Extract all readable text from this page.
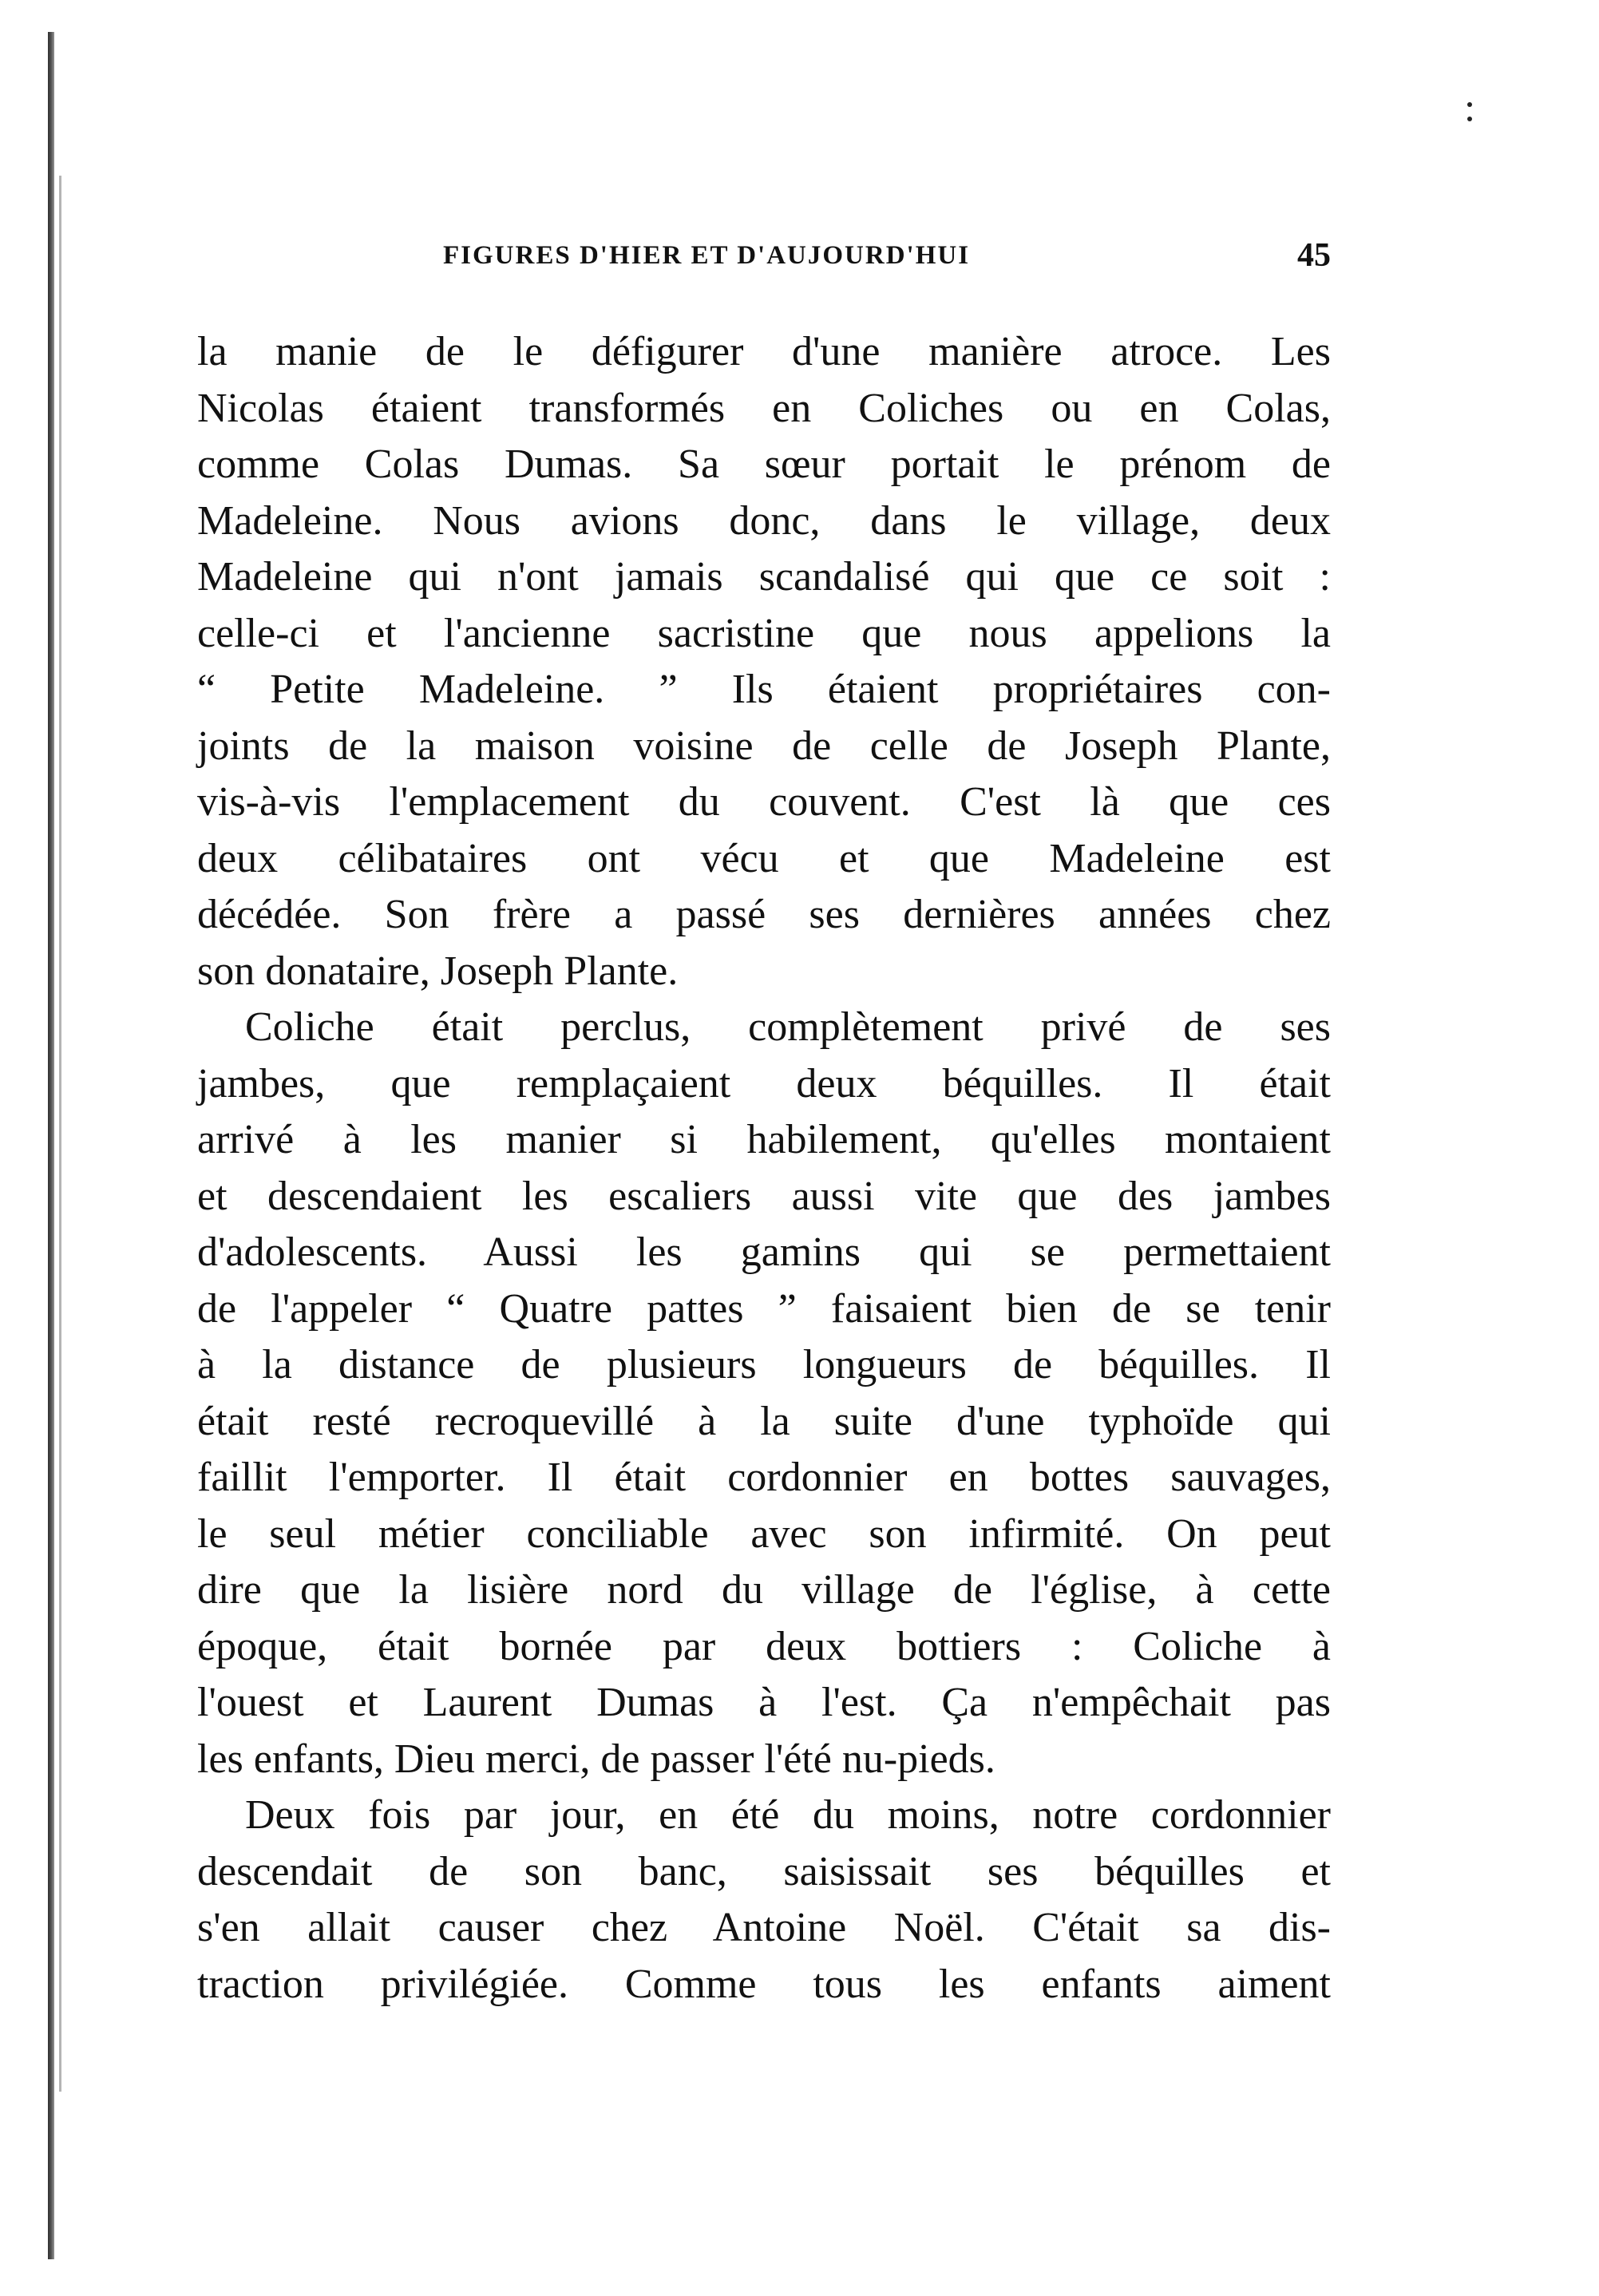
FIGURES D'HIER ET D'AUJOURD'HUI	45
la manie de le défigurer d'une manière atroce. Les
Nicolas étaient transformés en Coliches ou en Colas,
comme Colas Dumas. Sa sœur portait le prénom de
Madeleine. Nous avions donc, dans le village, deux
Madeleine qui n'ont jamais scandalisé qui que ce soit :
celle-ci et l'ancienne sacristine que nous appelions la
“ Petite Madeleine. ” Ils étaient propriétaires con-
joints de la maison voisine de celle de Joseph Plante,
vis-à-vis l'emplacement du couvent. C'est là que ces
deux célibataires ont vécu et que Madeleine est
décédée. Son frère a passé ses dernières années chez
son donataire, Joseph Plante.
Coliche était perclus, complètement privé de ses
jambes, que remplaçaient deux béquilles. Il était
arrivé à les manier si habilement, qu'elles montaient
et descendaient les escaliers aussi vite que des jambes
d'adolescents. Aussi les gamins qui se permettaient
de l'appeler “ Quatre pattes ” faisaient bien de se tenir
à la distance de plusieurs longueurs de béquilles. Il
était resté recroquevillé à la suite d'une typhoïde qui
faillit l'emporter. Il était cordonnier en bottes sauvages,
le seul métier conciliable avec son infirmité. On peut
dire que la lisière nord du village de l'église, à cette
époque, était bornée par deux bottiers : Coliche à
l'ouest et Laurent Dumas à l'est. Ça n'empêchait pas
les enfants, Dieu merci, de passer l'été nu-pieds.
Deux fois par jour, en été du moins, notre cordonnier
descendait de son banc, saisissait ses béquilles et
s'en allait causer chez Antoine Noël. C'était sa dis-
traction privilégiée. Comme tous les enfants aiment
